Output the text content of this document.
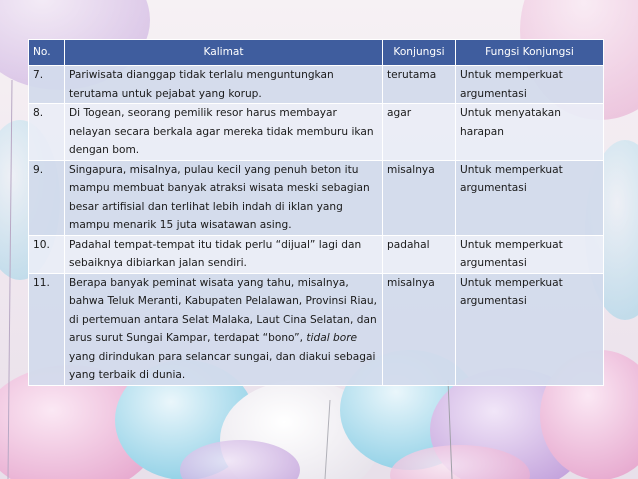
No.	Kalimat	Konjungsi	Fungsi Konjungsi
7.	Pariwisata dianggap tidak terlalu menguntungkan terutama untuk pejabat yang korup.	terutama	Untuk memperkuat argumentasi
8.	Di Togean, seorang pemilik resor harus membayar nelayan secara berkala agar mereka tidak memburu ikan dengan bom.	agar	Untuk menyatakan harapan
9.	Singapura, misalnya, pulau kecil yang penuh beton itu mampu membuat banyak atraksi wisata meski sebagian besar artifisial dan terlihat lebih indah di iklan yang mampu menarik 15 juta wisatawan asing.	misalnya	Untuk memperkuat argumentasi
10.	Padahal tempat-tempat itu tidak perlu “dijual” lagi dan sebaiknya dibiarkan jalan sendiri.	padahal	Untuk memperkuat argumentasi
11.	Berapa banyak peminat wisata yang tahu, misalnya, bahwa Teluk Meranti, Kabupaten Pelalawan, Provinsi Riau, di pertemuan antara Selat Malaka, Laut Cina Selatan, dan arus surut Sungai Kampar, terdapat “bono”, tidal bore yang dirindukan para selancar sungai, dan diakui sebagai yang terbaik di dunia.	misalnya	Untuk memperkuat argumentasi
